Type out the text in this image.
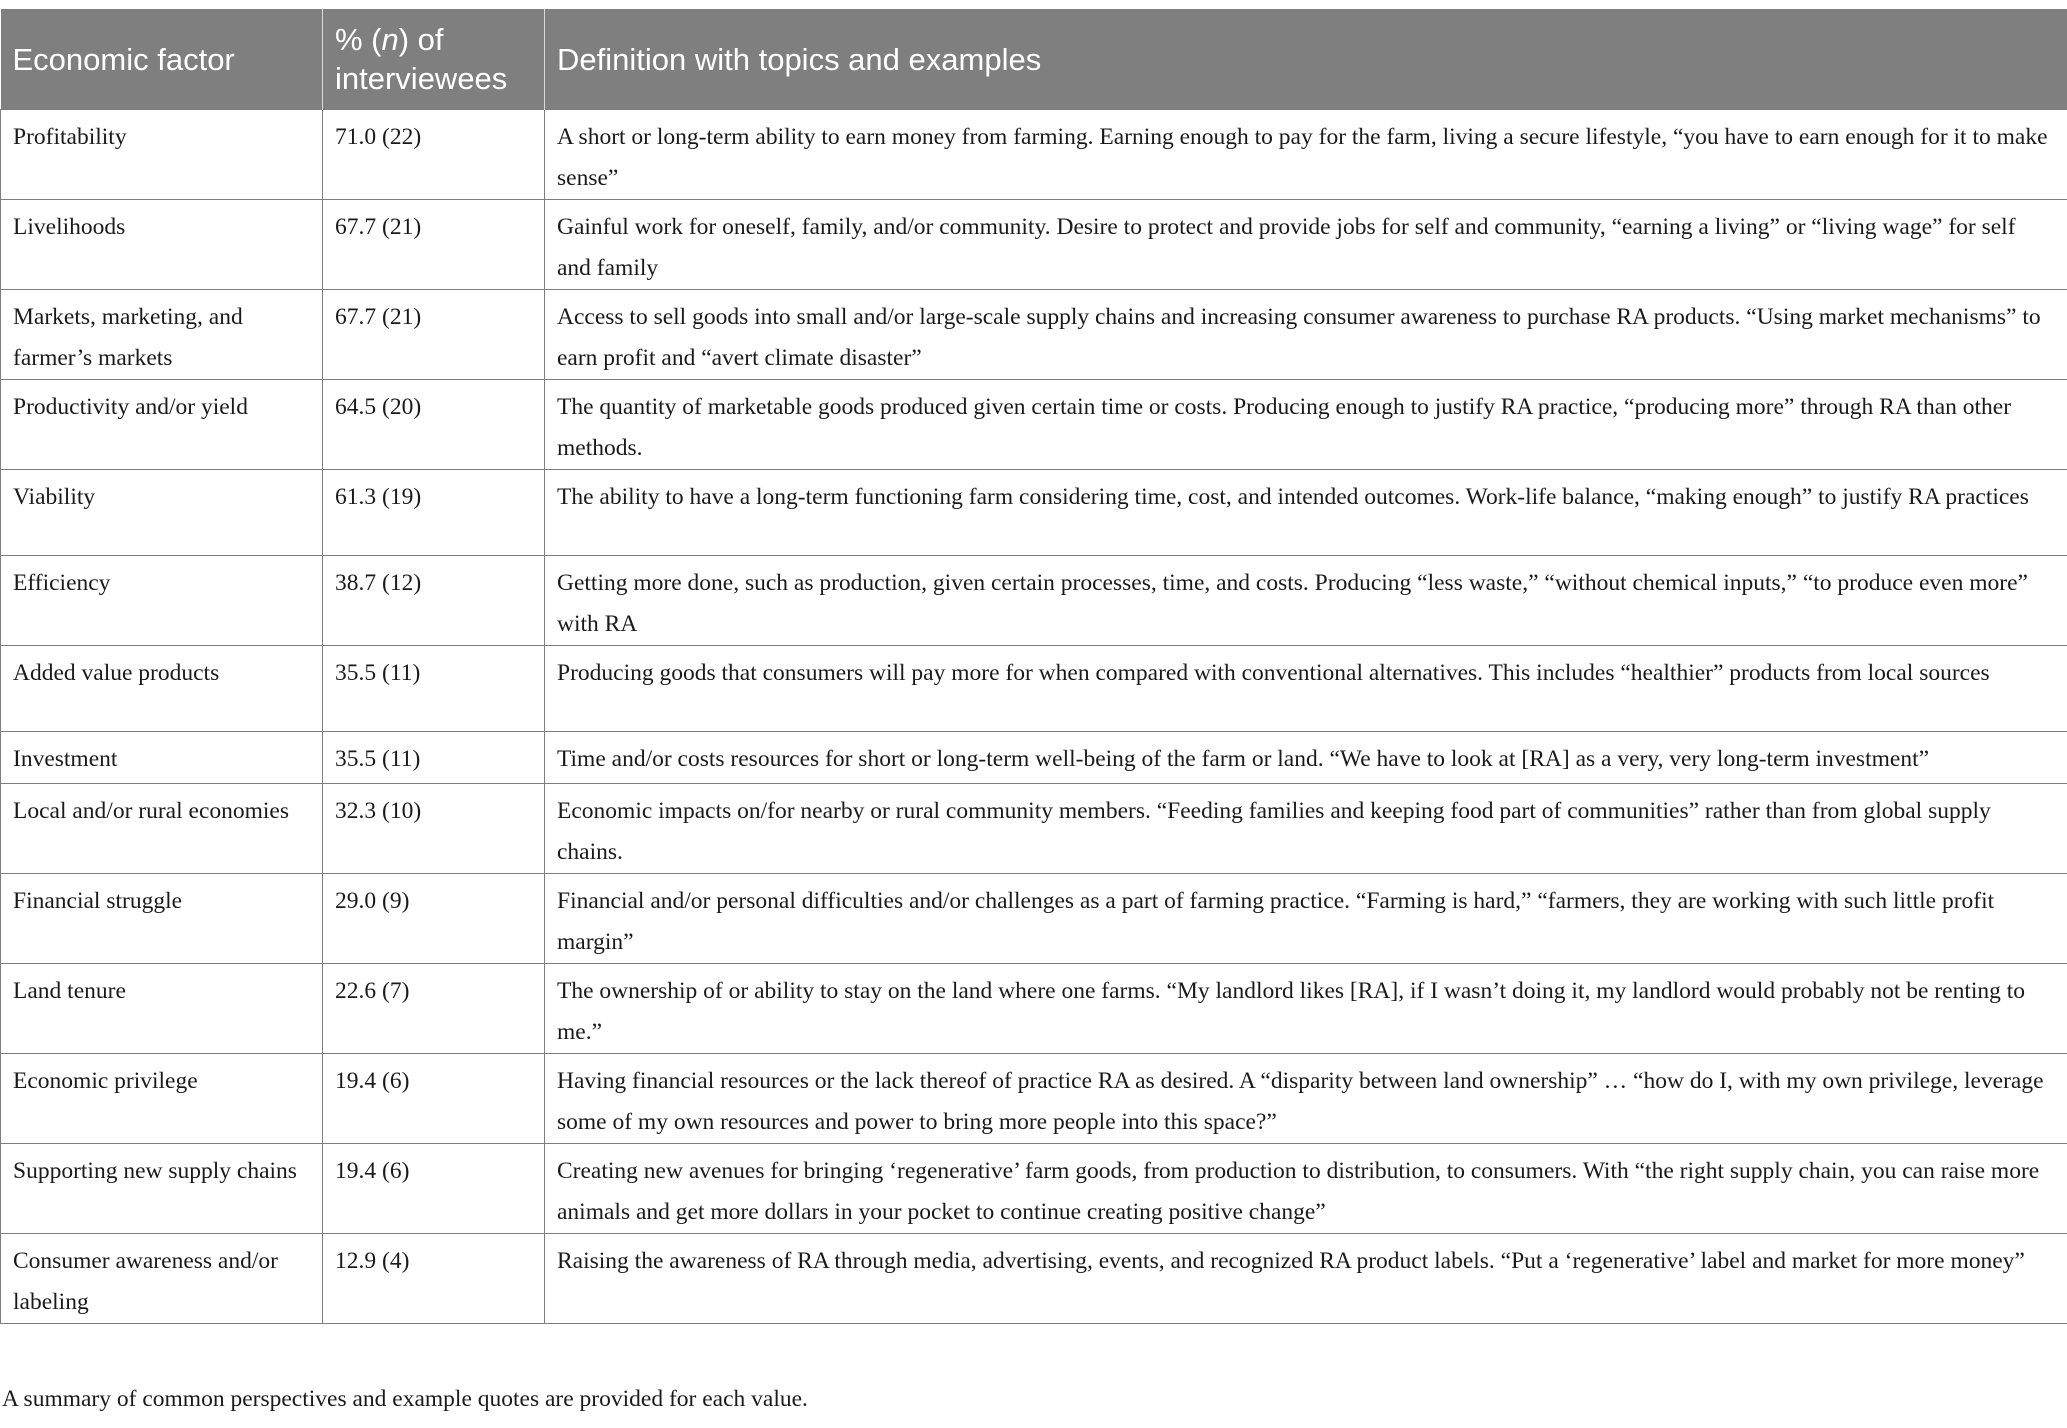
Economic factor	% (n) of interviewees	Definition with topics and examples
Profitability	71.0 (22)	A short or long-term ability to earn money from farming. Earning enough to pay for the farm, living a secure lifestyle, “you have to earn enough for it to make sense”
Livelihoods	67.7 (21)	Gainful work for oneself, family, and/or community. Desire to protect and provide jobs for self and community, “earning a living” or “living wage” for self and family
Markets, marketing, and farmer’s markets	67.7 (21)	Access to sell goods into small and/or large-scale supply chains and increasing consumer awareness to purchase RA products. “Using market mechanisms” to earn profit and “avert climate disaster”
Productivity and/or yield	64.5 (20)	The quantity of marketable goods produced given certain time or costs. Producing enough to justify RA practice, “producing more” through RA than other methods.
Viability	61.3 (19)	The ability to have a long-term functioning farm considering time, cost, and intended outcomes. Work-life balance, “making enough” to justify RA practices
Efficiency	38.7 (12)	Getting more done, such as production, given certain processes, time, and costs. Producing “less waste,” “without chemical inputs,” “to produce even more” with RA
Added value products	35.5 (11)	Producing goods that consumers will pay more for when compared with conventional alternatives. This includes “healthier” products from local sources
Investment	35.5 (11)	Time and/or costs resources for short or long-term well-being of the farm or land. “We have to look at [RA] as a very, very long-term investment”
Local and/or rural economies	32.3 (10)	Economic impacts on/for nearby or rural community members. “Feeding families and keeping food part of communities” rather than from global supply chains.
Financial struggle	29.0 (9)	Financial and/or personal difficulties and/or challenges as a part of farming practice. “Farming is hard,” “farmers, they are working with such little profit margin”
Land tenure	22.6 (7)	The ownership of or ability to stay on the land where one farms. “My landlord likes [RA], if I wasn’t doing it, my landlord would probably not be renting to me.”
Economic privilege	19.4 (6)	Having financial resources or the lack thereof of practice RA as desired. A “disparity between land ownership” … “how do I, with my own privilege, leverage some of my own resources and power to bring more people into this space?”
Supporting new supply chains	19.4 (6)	Creating new avenues for bringing ‘regenerative’ farm goods, from production to distribution, to consumers. With “the right supply chain, you can raise more animals and get more dollars in your pocket to continue creating positive change”
Consumer awareness and/or labeling	12.9 (4)	Raising the awareness of RA through media, advertising, events, and recognized RA product labels. “Put a ‘regenerative’ label and market for more money”
A summary of common perspectives and example quotes are provided for each value.
